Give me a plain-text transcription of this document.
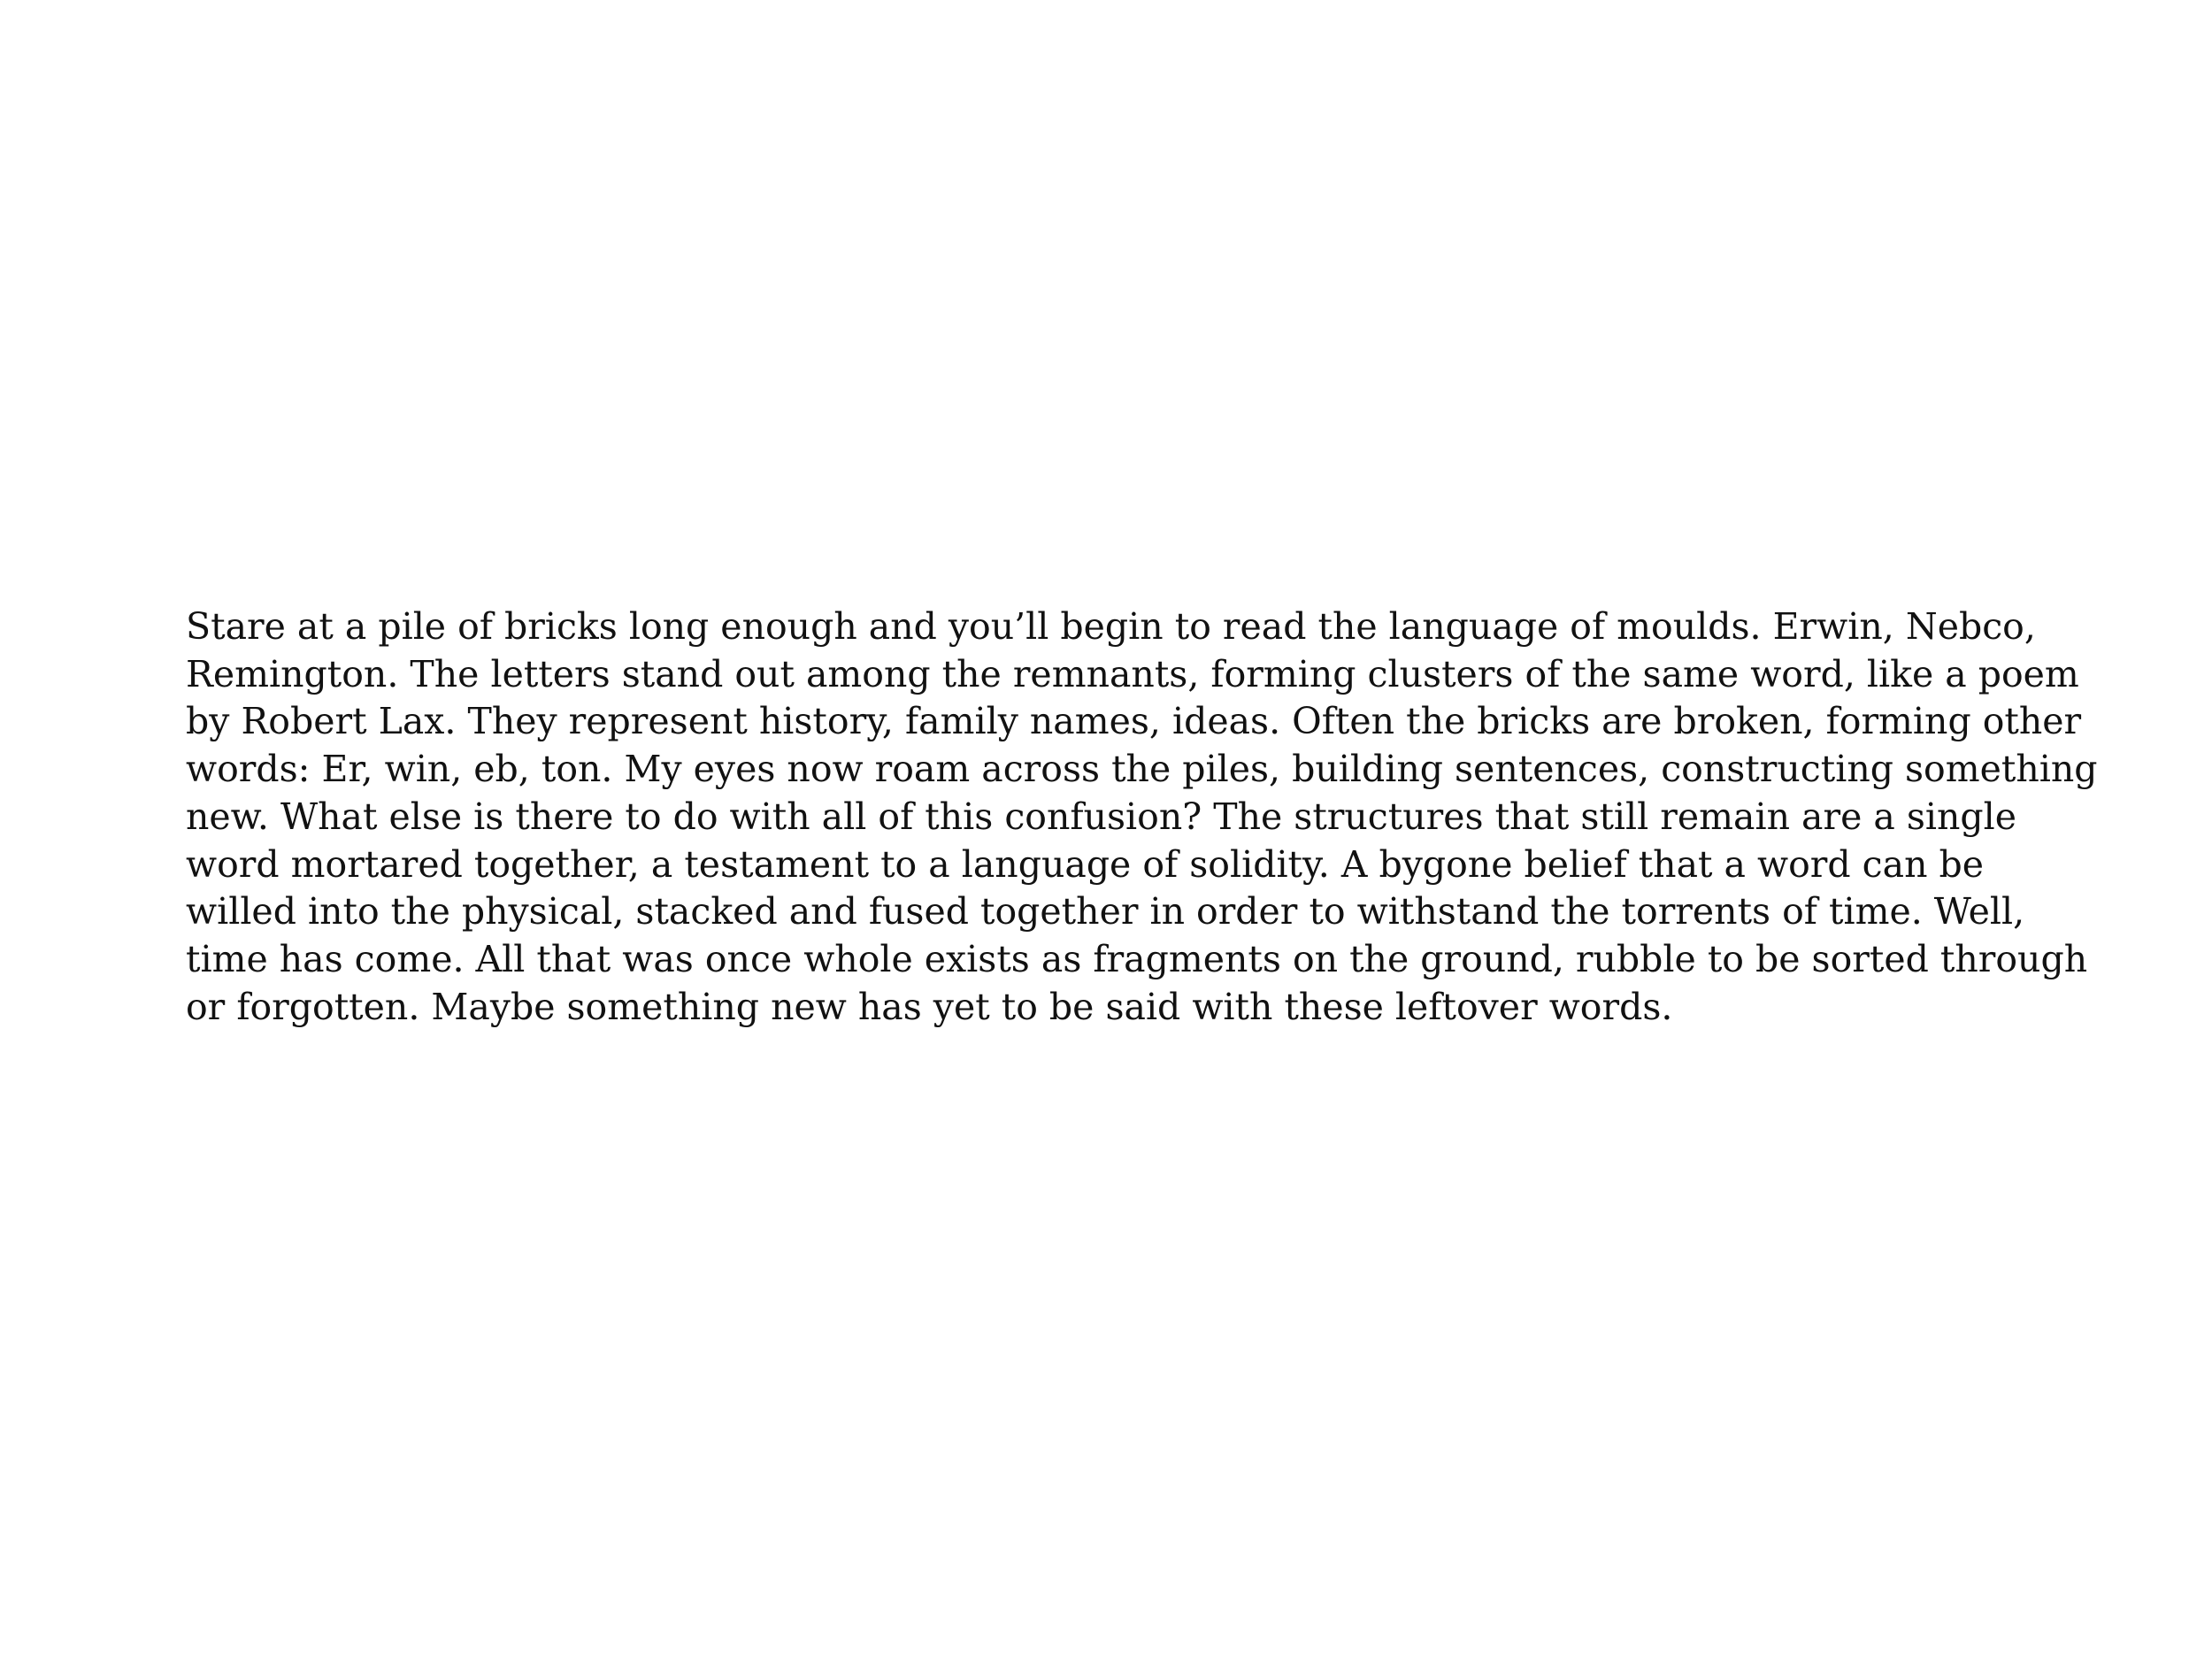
Stare at a pile of bricks long enough and you’ll begin to read the language of moulds. Erwin, Nebco,
Remington. The letters stand out among the remnants, forming clusters of the same word, like a poem
by Robert Lax. They represent history, family names, ideas. Often the bricks are broken, forming other
words: Er, win, eb, ton. My eyes now roam across the piles, building sentences, constructing something
new. What else is there to do with all of this confusion? The structures that still remain are a single
word mortared together, a testament to a language of solidity. A bygone belief that a word can be
willed into the physical, stacked and fused together in order to withstand the torrents of time. Well,
time has come. All that was once whole exists as fragments on the ground, rubble to be sorted through
or forgotten. Maybe something new has yet to be said with these leftover words.
